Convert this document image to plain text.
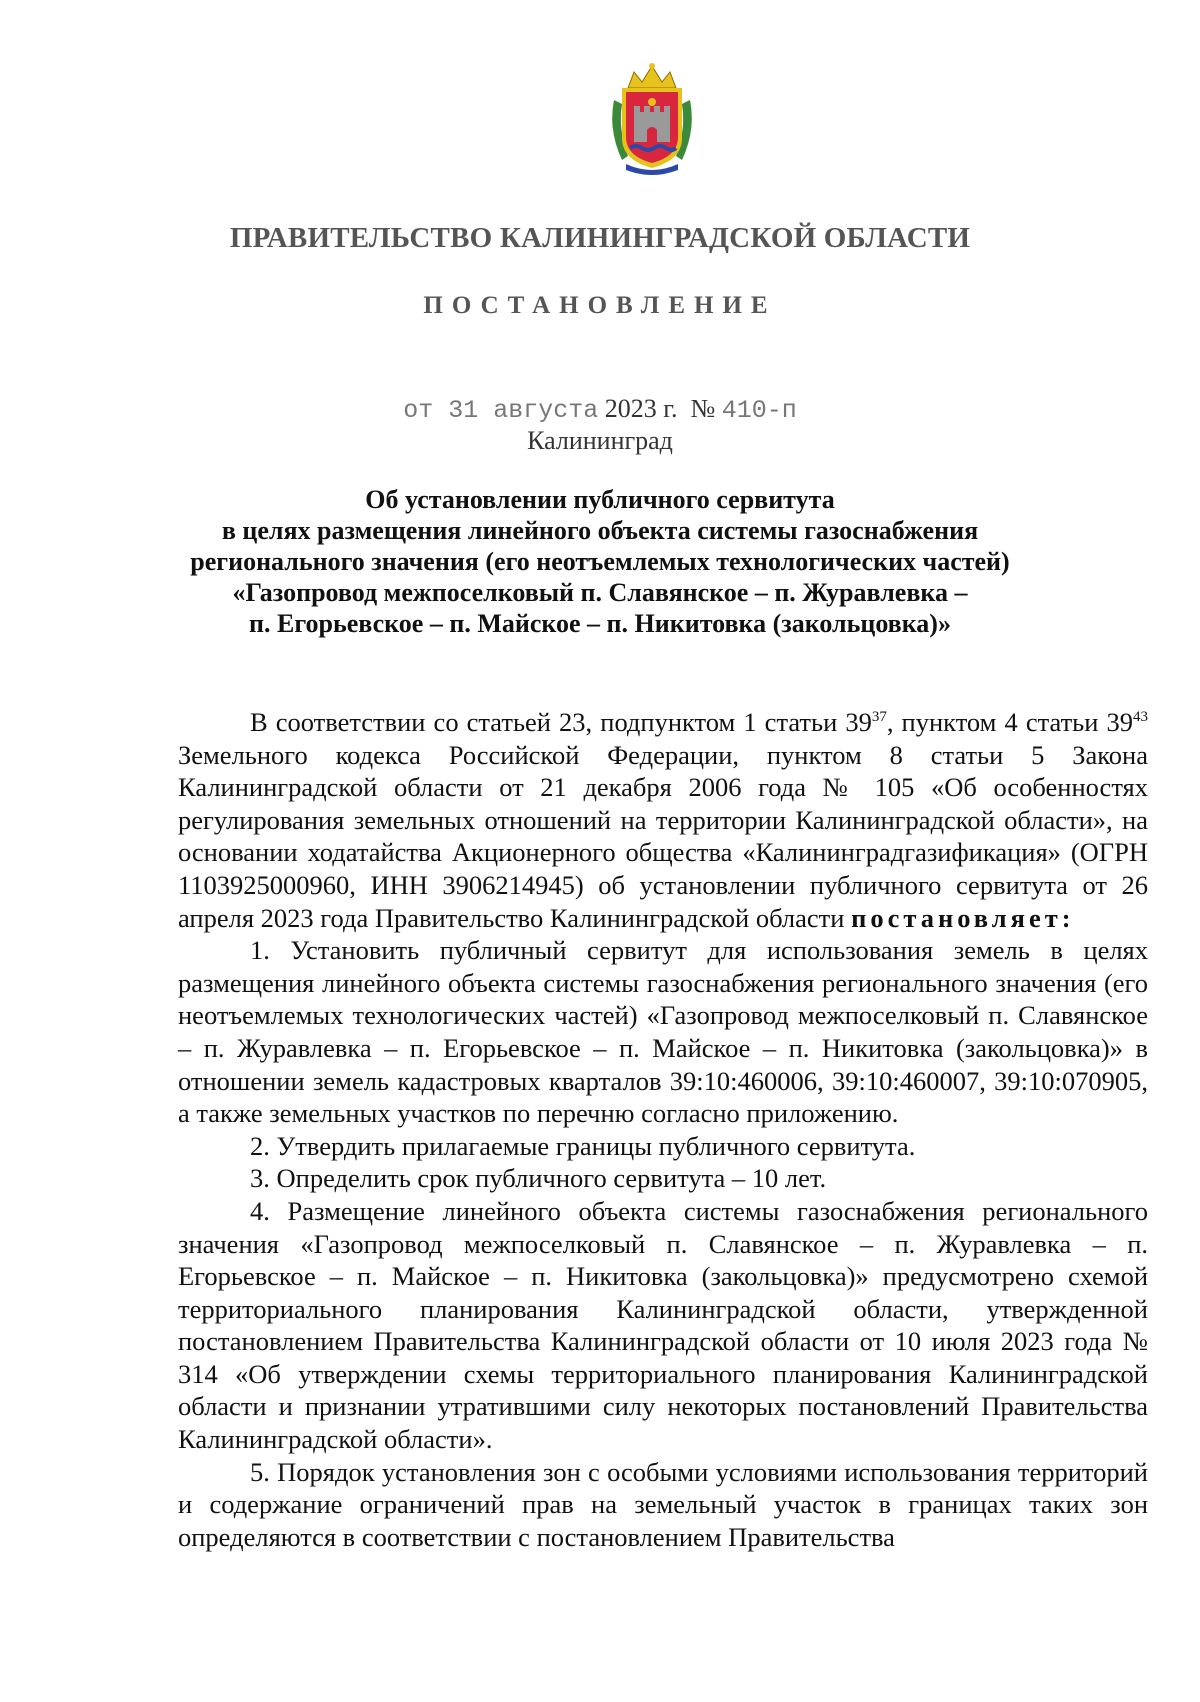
ПРАВИТЕЛЬСТВО КАЛИНИНГРАДСКОЙ ОБЛАСТИ
ПОСТАНОВЛЕНИЕ
от 31 августа 2023 г. № 410-п
Калининград
Об установлении публичного сервитута
в целях размещения линейного объекта системы газоснабжения
регионального значения (его неотъемлемых технологических частей)
«Газопровод межпоселковый п. Славянское – п. Журавлевка –
п. Егорьевское – п. Майское – п. Никитовка (закольцовка)»

В соответствии со статьей 23, подпунктом 1 статьи $39^{37}$, пунктом 4 статьи $39^{43}$ Земельного кодекса Российской Федерации, пунктом 8 статьи 5 Закона Калининградской области от 21 декабря 2006 года № 105 «Об особенностях регулирования земельных отношений на территории Калининградской области», на основании ходатайства Акционерного общества «Калининградгазификация» (ОГРН 1103925000960, ИНН 3906214945) об установлении публичного сервитута от 26 апреля 2023 года Правительство Калининградской области постановляет:

1. Установить публичный сервитут для использования земель в целях размещения линейного объекта системы газоснабжения регионального значения (его неотъемлемых технологических частей) «Газопровод межпоселковый п. Славянское – п. Журавлевка – п. Егорьевское – п. Майское – п. Никитовка (закольцовка)» в отношении земель кадастровых кварталов 39:10:460006, 39:10:460007, 39:10:070905, а также земельных участков по перечню согласно приложению.

2. Утвердить прилагаемые границы публичного сервитута.

3. Определить срок публичного сервитута – 10 лет.

4. Размещение линейного объекта системы газоснабжения регионального значения «Газопровод межпоселковый п. Славянское – п. Журавлевка – п. Егорьевское – п. Майское – п. Никитовка (закольцовка)» предусмотрено схемой территориального планирования Калининградской области, утвержденной постановлением Правительства Калининградской области от 10 июля 2023 года № 314 «Об утверждении схемы территориального планирования Калининградской области и признании утратившими силу некоторых постановлений Правительства Калининградской области».

5. Порядок установления зон с особыми условиями использования территорий и содержание ограничений прав на земельный участок в границах таких зон определяются в соответствии с постановлением Правительства
